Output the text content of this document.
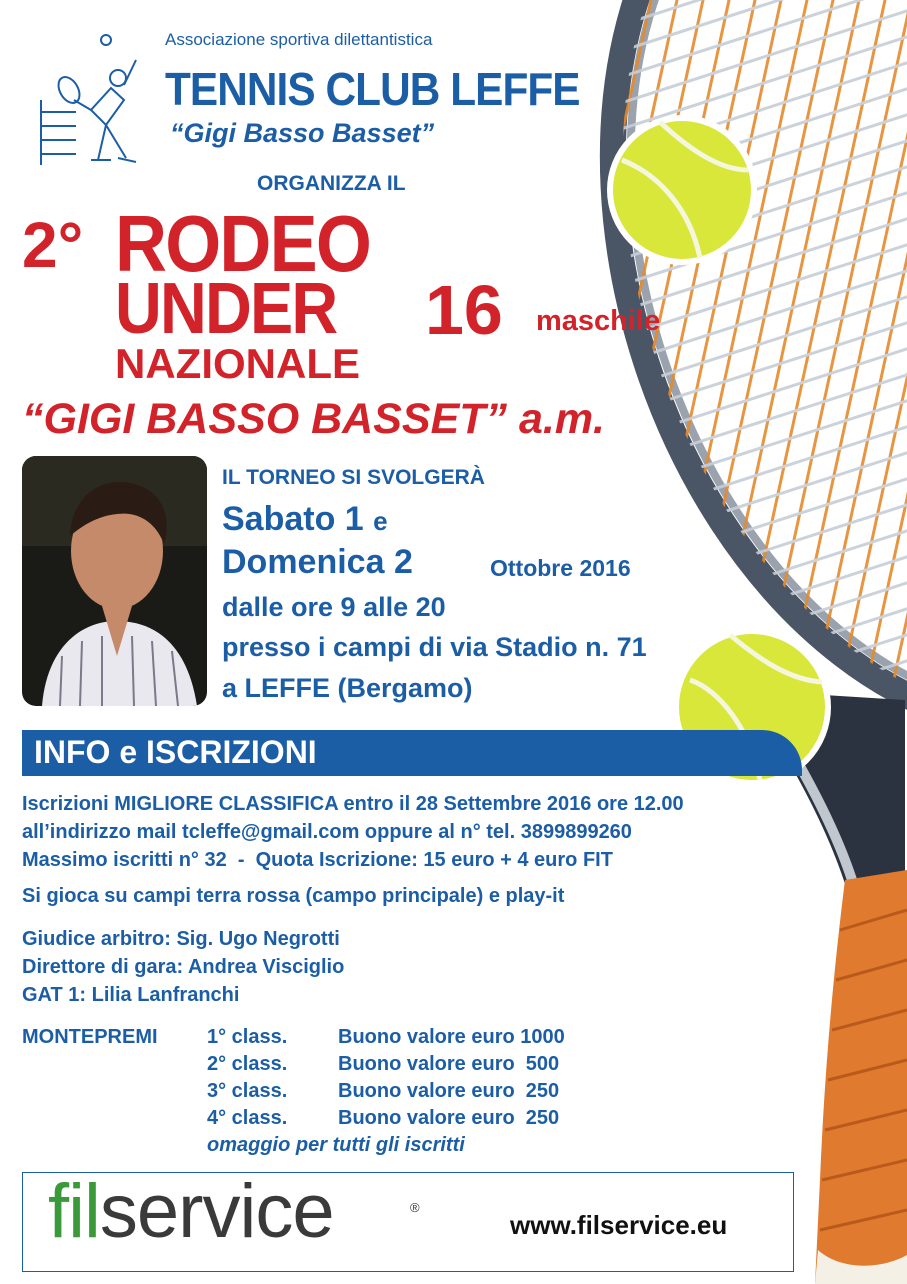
Associazione sportiva dilettantistica
TENNIS CLUB LEFFE
“Gigi Basso Basset”
ORGANIZZA IL
2° RODEO
UNDER 16 maschile
NAZIONALE
“GIGI BASSO BASSET” a.m.
IL TORNEO SI SVOLGERÀ
Sabato 1 e
Domenica 2	Ottobre 2016
dalle ore 9 alle 20
presso i campi di via Stadio n. 71
a LEFFE (Bergamo)
INFO e ISCRIZIONI
Iscrizioni MIGLIORE CLASSIFICA entro il 28 Settembre 2016 ore 12.00
all’indirizzo mail tcleffe@gmail.com oppure al n° tel. 3899899260
Massimo iscritti n° 32  -  Quota Iscrizione: 15 euro + 4 euro FIT
Si gioca su campi terra rossa (campo principale) e play-it
Giudice arbitro: Sig. Ugo Negrotti
Direttore di gara: Andrea Visciglio
GAT 1: Lilia Lanfranchi
MONTEPREMI 1° class.	Buono valore euro 1000
2° class.	Buono valore euro  500
3° class.	Buono valore euro  250
4° class.	Buono valore euro  250
omaggio per tutti gli iscritti
filservice	®
www.filservice.eu
